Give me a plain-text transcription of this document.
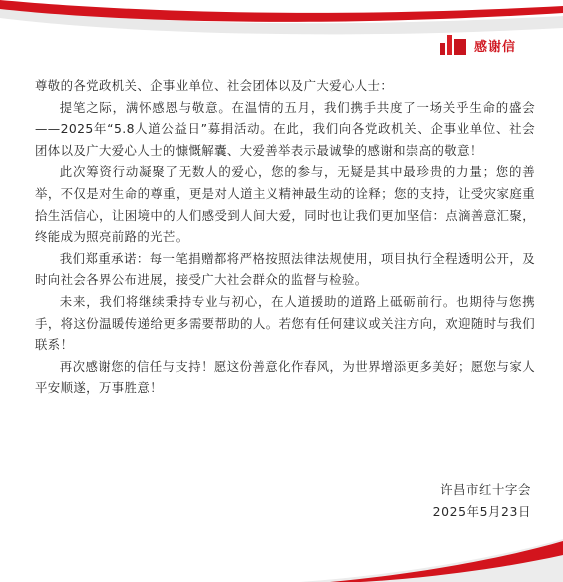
感谢信

尊敬的各党政机关、企事业单位、社会团体以及广大爱心人士：

提笔之际，满怀感恩与敬意。在温情的五月，我们携手共度了一场关乎生命的盛会——2025年“5.8人道公益日”募捐活动。在此，我们向各党政机关、企事业单位、社会团体以及广大爱心人士的慷慨解囊、大爱善举表示最诚挚的感谢和崇高的敬意！

此次筹资行动凝聚了无数人的爱心，您的参与，无疑是其中最珍贵的力量；您的善举，不仅是对生命的尊重，更是对人道主义精神最生动的诠释；您的支持，让受灾家庭重拾生活信心，让困境中的人们感受到人间大爱，同时也让我们更加坚信：点滴善意汇聚，终能成为照亮前路的光芒。

我们郑重承诺：每一笔捐赠都将严格按照法律法规使用，项目执行全程透明公开，及时向社会各界公布进展，接受广大社会群众的监督与检验。

未来，我们将继续秉持专业与初心，在人道援助的道路上砥砺前行。也期待与您携手，将这份温暖传递给更多需要帮助的人。若您有任何建议或关注方向，欢迎随时与我们联系！

再次感谢您的信任与支持！愿这份善意化作春风，为世界增添更多美好；愿您与家人平安顺遂，万事胜意！

许昌市红十字会
2025年5月23日
